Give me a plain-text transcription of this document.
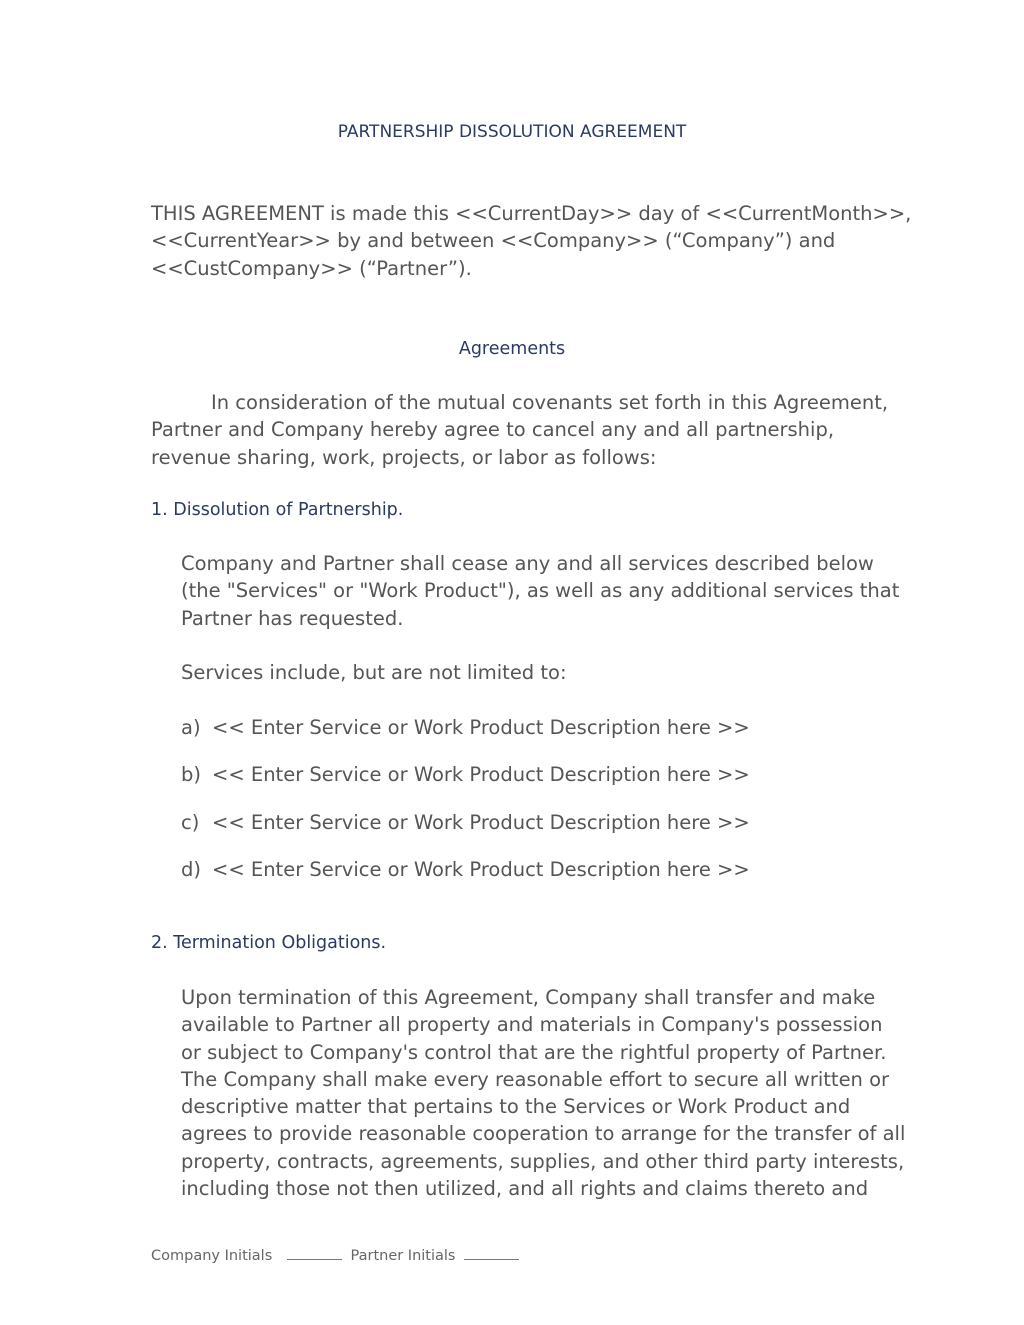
PARTNERSHIP DISSOLUTION AGREEMENT
THIS AGREEMENT is made this <<CurrentDay>> day of <<CurrentMonth>>,
<<CurrentYear>> by and between <<Company>> (“Company”) and
<<CustCompany>> (“Partner”).
Agreements
In consideration of the mutual covenants set forth in this Agreement,
Partner and Company hereby agree to cancel any and all partnership,
revenue sharing, work, projects, or labor as follows:
1. Dissolution of Partnership.
Company and Partner shall cease any and all services described below
(the "Services" or "Work Product"), as well as any additional services that
Partner has requested.
Services include, but are not limited to:
a) << Enter Service or Work Product Description here >>
b) << Enter Service or Work Product Description here >>
c) << Enter Service or Work Product Description here >>
d) << Enter Service or Work Product Description here >>
2. Termination Obligations.
Upon termination of this Agreement, Company shall transfer and make
available to Partner all property and materials in Company's possession
or subject to Company's control that are the rightful property of Partner.
The Company shall make every reasonable effort to secure all written or
descriptive matter that pertains to the Services or Work Product and
agrees to provide reasonable cooperation to arrange for the transfer of all
property, contracts, agreements, supplies, and other third party interests,
including those not then utilized, and all rights and claims thereto and
Company Initials	Partner Initials
